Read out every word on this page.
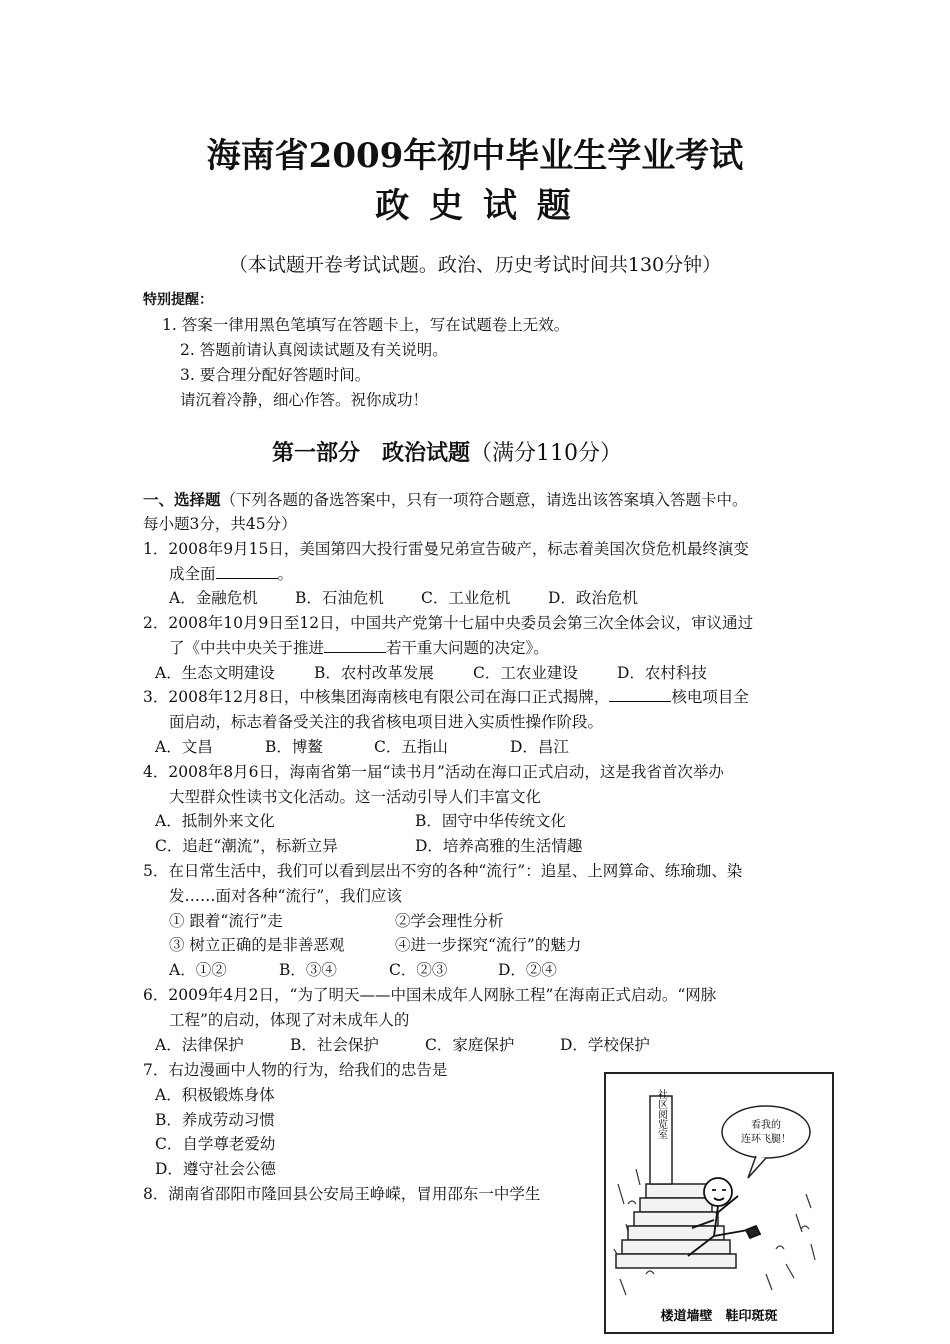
海南省2009年初中毕业生学业考试
政 史 试 题
（本试题开卷考试试题。政治、历史考试时间共130分钟）
特别提醒：
1. 答案一律用黑色笔填写在答题卡上，写在试题卷上无效。
2. 答题前请认真阅读试题及有关说明。
3. 要合理分配好答题时间。
请沉着冷静，细心作答。祝你成功！
第一部分　政治试题（满分110分）
一、选择题（下列各题的备选答案中，只有一项符合题意，请选出该答案填入答题卡中。
每小题3分，共45分）
1．2008年9月15日，美国第四大投行雷曼兄弟宣告破产，标志着美国次贷危机最终演变
成全面	。
A．金融危机 B．石油危机 C．工业危机 D．政治危机
2．2008年10月9日至12日，中国共产党第十七届中央委员会第三次全体会议，审议通过
了《中共中央关于推进	若干重大问题的决定》。
A．生态文明建设	B．农村改革发展	C．工农业建设	D．农村科技
3．2008年12月8日，中核集团海南核电有限公司在海口正式揭牌，	核电项目全
面启动，标志着备受关注的我省核电项目进入实质性操作阶段。
A．文昌	B．博鳌	C．五指山	D．昌江
4．2008年8月6日，海南省第一届“读书月”活动在海口正式启动，这是我省首次举办
大型群众性读书文化活动。这一活动引导人们丰富文化
A．抵制外来文化	B．固守中华传统文化
C．追赶“潮流”，标新立异	D．培养高雅的生活情趣
5．在日常生活中，我们可以看到层出不穷的各种“流行”：追星、上网算命、练瑜珈、染
发……面对各种“流行”，我们应该
① 跟着“流行”走	②学会理性分析
③ 树立正确的是非善恶观	④进一步探究“流行”的魅力
A．①②	B．③④	C．②③	D．②④
6．2009年4月2日，“为了明天——中国未成年人网脉工程”在海南正式启动。“网脉
工程”的启动，体现了对未成年人的
A．法律保护	B．社会保护	C．家庭保护	D．学校保护
7．右边漫画中人物的行为，给我们的忠告是
A．积极锻炼身体
B．养成劳动习惯
C．自学尊老爱幼
D．遵守社会公德
8．湖南省邵阳市隆回县公安局王峥嵘，冒用邵东一中学生
社区阅览室	看我的
连环飞腿！
楼道墙壁　鞋印斑斑
